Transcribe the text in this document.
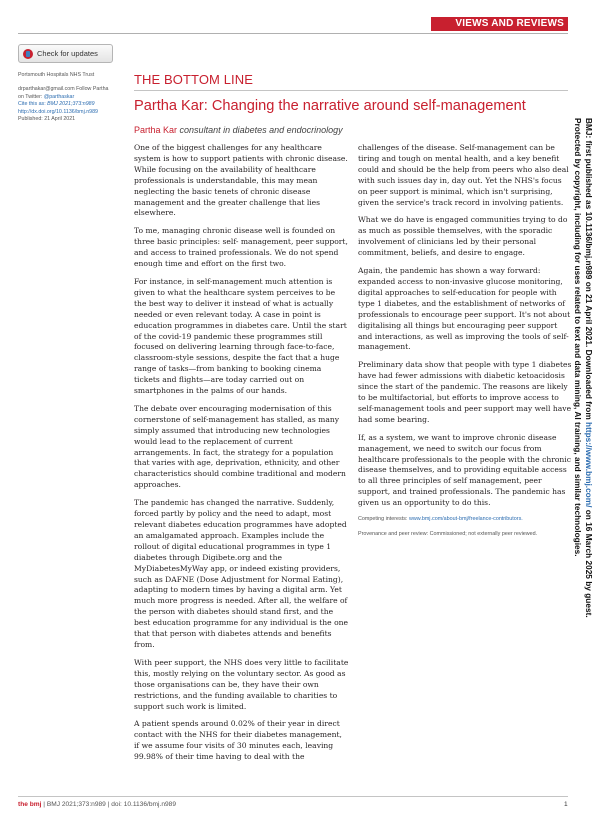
VIEWS AND REVIEWS
Check for updates
Portsmouth Hospitals NHS Trust
drparthakar@gmail.com Follow Partha
on Twitter: @parthaskar
Cite this as: BMJ 2021;373:n989
http://dx.doi.org/10.1136/bmj.n989
Published: 21 April 2021
THE BOTTOM LINE
Partha Kar: Changing the narrative around self-management
Partha Kar consultant in diabetes and endocrinology

One of the biggest challenges for any healthcare system is how to support patients with chronic disease. While focusing on the availability of healthcare professionals is understandable, this may mean neglecting the basic tenets of chronic disease management and the greater challenge that lies elsewhere.

To me, managing chronic disease well is founded on three basic principles: self- management, peer support, and access to trained professionals. We do not spend enough time and effort on the first two.

For instance, in self-management much attention is given to what the healthcare system perceives to be the best way to deliver it instead of what is actually needed or even relevant today. A case in point is education programmes in diabetes care. Until the start of the covid-19 pandemic these programmes still focused on delivering learning through face-to-face, classroom-style sessions, despite the fact that a huge range of tasks—from banking to booking cinema tickets and flights—are today carried out on smartphones in the palms of our hands.

The debate over encouraging modernisation of this cornerstone of self-management has stalled, as many simply assumed that introducing new technologies would lead to the replacement of current arrangements. In fact, the strategy for a population that varies with age, deprivation, ethnicity, and other characteristics should combine traditional and modern approaches.

The pandemic has changed the narrative. Suddenly, forced partly by policy and the need to adapt, most relevant diabetes education programmes have adopted an amalgamated approach. Examples include the rollout of digital educational programmes in type 1 diabetes through Digibete.org and the MyDiabetesMyWay app, or indeed existing providers, such as DAFNE (Dose Adjustment for Normal Eating), adapting to modern times by having a digital arm. Yet much more progress is needed. After all, the welfare of the person with diabetes should stand first, and the best education programme for any individual is the one that that person with diabetes attends and benefits from.

With peer support, the NHS does very little to facilitate this, mostly relying on the voluntary sector. As good as those organisations can be, they have their own restrictions, and the funding available to charities to support such work is limited.

A patient spends around 0.02% of their year in direct contact with the NHS for their diabetes management, if we assume four visits of 30 minutes each, leaving 99.98% of their time having to deal with the

challenges of the disease. Self-management can be tiring and tough on mental health, and a key benefit could and should be the help from peers who also deal with such issues day in, day out. Yet the NHS's focus on peer support is minimal, which isn't surprising, given the service's track record in involving patients.

What we do have is engaged communities trying to do as much as possible themselves, with the sporadic involvement of clinicians led by their personal commitment, beliefs, and desire to engage.

Again, the pandemic has shown a way forward: expanded access to non-invasive glucose monitoring, digital approaches to self-education for people with type 1 diabetes, and the establishment of networks of professionals to encourage peer support. It's not about digitalising all things but encouraging peer support and interactions, as well as improving the tools of self-management.

Preliminary data show that people with type 1 diabetes have had fewer admissions with diabetic ketoacidosis since the start of the pandemic. The reasons are likely to be multifactorial, but efforts to improve access to self-management tools and peer support may well have had some bearing.

If, as a system, we want to improve chronic disease management, we need to switch our focus from healthcare professionals to the people with the chronic disease themselves, and to providing equitable access to all three principles of self management, peer support, and trained professionals. The pandemic has given us an opportunity to do this.

Competing interests: www.bmj.com/about-bmj/freelance-contributors.

Provenance and peer review: Commissioned; not externally peer reviewed.

BMJ: first published as 10.1136/bmj.n989 on 21 April 2021. Downloaded from https://www.bmj.com/ on 16 March 2025 by guest.
Protected by copyright, including for uses related to text and data mining, AI training, and similar technologies.
the bmj | BMJ 2021;373:n989 | doi: 10.1136/bmj.n989	1
